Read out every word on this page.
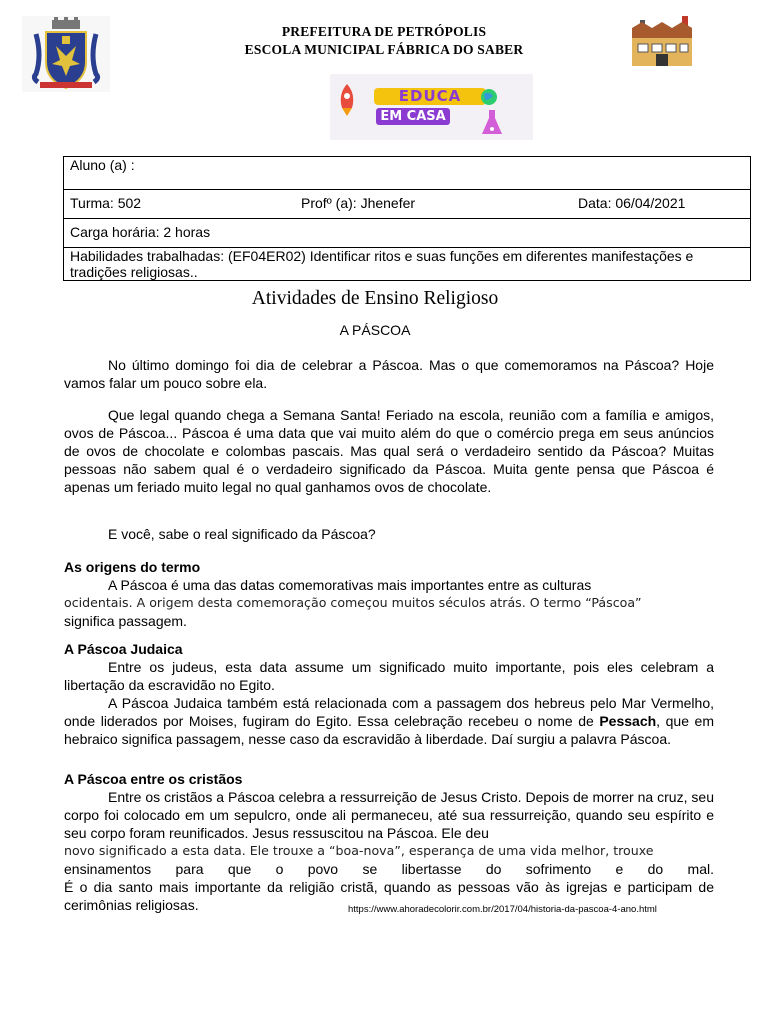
PREFEITURA DE PETRÓPOLIS
ESCOLA MUNICIPAL FÁBRICA DO SABER
EDUCA
EM CASA
Aluno (a) :

Turma: 502	Profº (a): Jhenefer	Data: 06/04/2021

Carga horária: 2 horas
Habilidades trabalhadas: (EF04ER02) Identificar ritos e suas funções em diferentes manifestações e tradições religiosas..
Atividades de Ensino Religioso
A PÁSCOA

No último domingo foi dia de celebrar a Páscoa. Mas o que comemoramos na Páscoa? Hoje vamos falar um pouco sobre ela.

Que legal quando chega a Semana Santa! Feriado na escola, reunião com a família e amigos, ovos de Páscoa... Páscoa é uma data que vai muito além do que o comércio prega em seus anúncios de ovos de chocolate e colombas pascais. Mas qual será o verdadeiro sentido da Páscoa? Muitas pessoas não sabem qual é o verdadeiro significado da Páscoa. Muita gente pensa que Páscoa é apenas um feriado muito legal no qual ganhamos ovos de chocolate.

E você, sabe o real significado da Páscoa?

As origens do termo

A Páscoa é uma das datas comemorativas mais importantes entre as culturas

ocidentais. A origem desta comemoração começou muitos séculos atrás. O termo “Páscoa”

significa passagem.

A Páscoa Judaica

Entre os judeus, esta data assume um significado muito importante, pois eles celebram a libertação da escravidão no Egito.

A Páscoa Judaica também está relacionada com a passagem dos hebreus pelo Mar Vermelho, onde liderados por Moises, fugiram do Egito. Essa celebração recebeu o nome de Pessach, que em hebraico significa passagem, nesse caso da escravidão à liberdade. Daí surgiu a palavra Páscoa.

A Páscoa entre os cristãos

Entre os cristãos a Páscoa celebra a ressurreição de Jesus Cristo. Depois de morrer na cruz, seu corpo foi colocado em um sepulcro, onde ali permaneceu, até sua ressurreição, quando seu espírito e seu corpo foram reunificados. Jesus ressuscitou na Páscoa. Ele deu

novo significado a esta data. Ele trouxe a “boa-nova”, esperança de uma vida melhor, trouxe

ensinamentos para que o povo se libertasse do sofrimento e do mal.

É o dia santo mais importante da religião cristã, quando as pessoas vão às igrejas e participam de cerimônias religiosas.	https://www.ahoradecolorir.com.br/2017/04/historia-da-pascoa-4-ano.html
